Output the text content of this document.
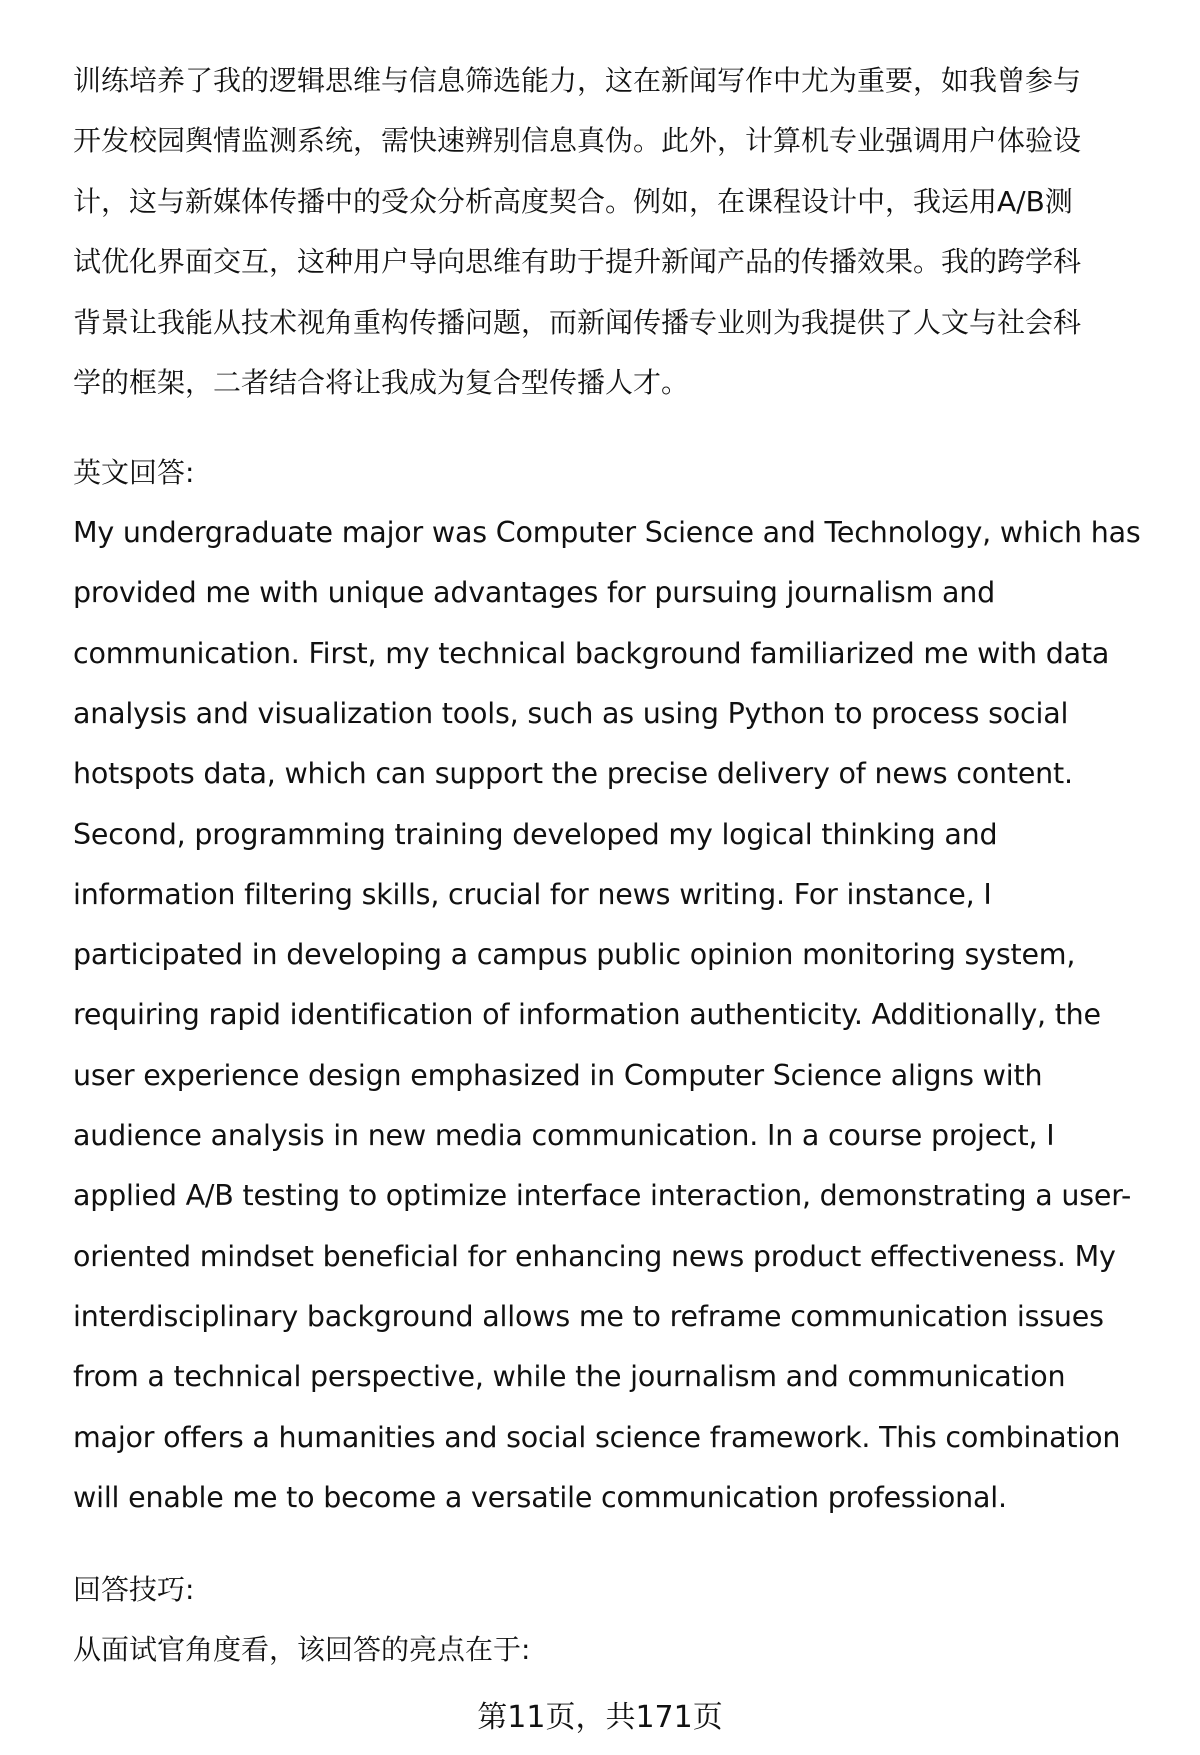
训练培养了我的逻辑思维与信息筛选能力，这在新闻写作中尤为重要，如我曾参与
开发校园舆情监测系统，需快速辨别信息真伪。此外，计算机专业强调用户体验设
计，这与新媒体传播中的受众分析高度契合。例如，在课程设计中，我运用A/B测
试优化界面交互，这种用户导向思维有助于提升新闻产品的传播效果。我的跨学科
背景让我能从技术视角重构传播问题，而新闻传播专业则为我提供了人文与社会科
学的框架，二者结合将让我成为复合型传播人才。
英文回答:
My undergraduate major was Computer Science and Technology, which has
provided me with unique advantages for pursuing journalism and
communication. First, my technical background familiarized me with data
analysis and visualization tools, such as using Python to process social
hotspots data, which can support the precise delivery of news content.
Second, programming training developed my logical thinking and
information filtering skills, crucial for news writing. For instance, I
participated in developing a campus public opinion monitoring system,
requiring rapid identification of information authenticity. Additionally, the
user experience design emphasized in Computer Science aligns with
audience analysis in new media communication. In a course project, I
applied A/B testing to optimize interface interaction, demonstrating a user-
oriented mindset beneficial for enhancing news product effectiveness. My
interdisciplinary background allows me to reframe communication issues
from a technical perspective, while the journalism and communication
major offers a humanities and social science framework. This combination
will enable me to become a versatile communication professional.
回答技巧:
从面试官角度看，该回答的亮点在于:
第11页，共171页
